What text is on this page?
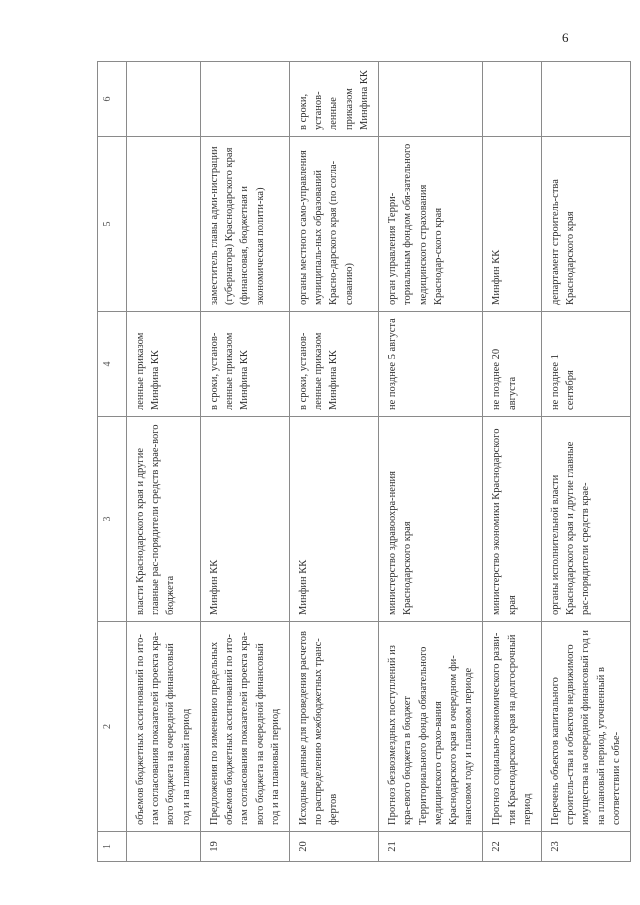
6
1	2	3	4	5	6
	объемов бюджетных ассигнований по ито-гам согласования показателей проекта кра-вого бюджета на очередной финансовый год и на плановый период	власти Краснодарского края и другие главные рас-порядители средств крае-вого бюджета	ленные приказом Минфина КК		
19	Предложения по изменению предельных объемов бюджетных ассигнований по ито-гам согласования показателей проекта кра-вого бюджета на очередной финансовый год и на плановый период	Минфин КК	в сроки, установ-ленные приказом Минфина КК	заместитель главы адми-нистрации (губернатора) Краснодарского края (финансовая, бюджетная и экономическая полити-ка)	
20	Исходные данные для проведения расчетов по распределению межбюджетных транс-фертов	Минфин КК	в сроки, установ-ленные приказом Минфина КК	органы местного само-управления муниципаль-ных образований Красно-дарского края (по согла-сованию)	в сроки, установ-ленные приказом Минфина КК
21	Прогноз безвозмездных поступлений из кра-евого бюджета в бюджет Территориального фонда обязательного медицинского страхо-вания Краснодарского края в очередном фи-нансовом году и плановом периоде	министерство здравоохра-нения Краснодарского края	не позднее 5 августа	орган управления Терри-ториальным фондом обя-зательного медицинского страхования Краснодар-ского края	
22	Прогноз социально-экономического разви-тия Краснодарского края на долгосрочный период	министерство экономики Краснодарского края	не позднее 20 августа	Минфин КК	
23	Перечень объектов капитального строитель-ства и объектов недвижимого имущества на очередной финансовый год и на плановый период, уточненный в соответствии с объе-	органы исполнительной власти Краснодарского края и другие главные рас-порядители средств крае-	не позднее 1 сентября	департамент строитель-ства Краснодарского края	
